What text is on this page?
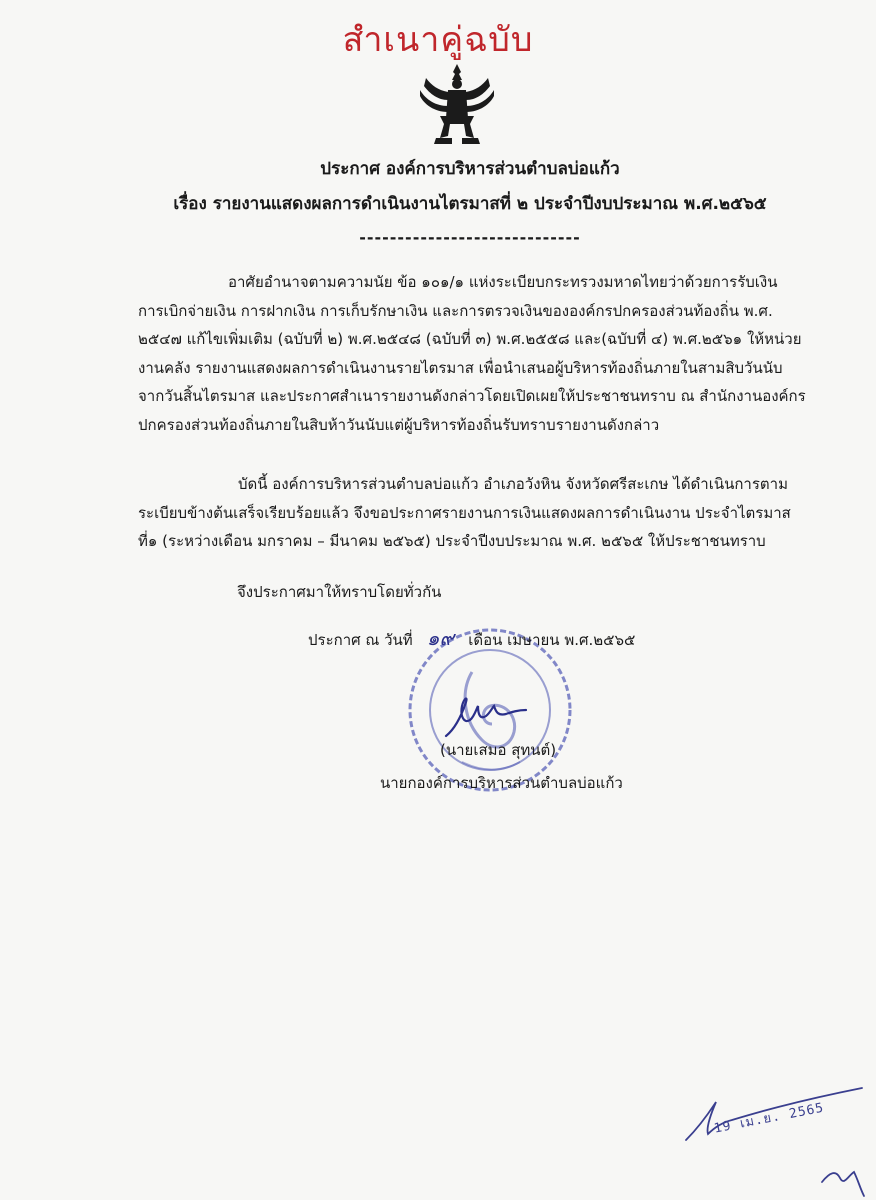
สำเนาคู่ฉบับ
ประกาศ องค์การบริหารส่วนตำบลบ่อแก้ว
เรื่อง รายงานแสดงผลการดำเนินงานไตรมาสที่ ๒ ประจำปีงบประมาณ พ.ศ.๒๕๖๕
-----------------------------
อาศัยอำนาจตามความนัย ข้อ ๑๐๑/๑ แห่งระเบียบกระทรวงมหาดไทยว่าด้วยการรับเงิน การเบิกจ่ายเงิน การฝากเงิน การเก็บรักษาเงิน และการตรวจเงินขององค์กรปกครองส่วนท้องถิ่น พ.ศ. ๒๕๔๗ แก้ไขเพิ่มเติม (ฉบับที่ ๒) พ.ศ.๒๕๔๘ (ฉบับที่ ๓) พ.ศ.๒๕๕๘ และ(ฉบับที่ ๔) พ.ศ.๒๕๖๑ ให้หน่วยงานคลัง รายงานแสดงผลการดำเนินงานรายไตรมาส เพื่อนำเสนอผู้บริหารท้องถิ่นภายในสามสิบวันนับจากวันสิ้นไตรมาส และประกาศสำเนารายงานดังกล่าวโดยเปิดเผยให้ประชาชนทราบ ณ สำนักงานองค์กรปกครองส่วนท้องถิ่นภายในสิบห้าวันนับแต่ผู้บริหารท้องถิ่นรับทราบรายงานดังกล่าว
บัดนี้ องค์การบริหารส่วนตำบลบ่อแก้ว อำเภอวังหิน จังหวัดศรีสะเกษ ได้ดำเนินการตามระเบียบข้างต้นเสร็จเรียบร้อยแล้ว จึงขอประกาศรายงานการเงินแสดงผลการดำเนินงาน ประจำไตรมาสที่๑ (ระหว่างเดือน มกราคม – มีนาคม ๒๕๖๕) ประจำปีงบประมาณ พ.ศ. ๒๕๖๕ ให้ประชาชนทราบ
จึงประกาศมาให้ทราบโดยทั่วกัน
ประกาศ ณ วันที่ ๑๙ เดือน เมษายน พ.ศ.๒๕๖๕
(นายเสมอ สุทนต์)
นายกองค์การบริหารส่วนตำบลบ่อแก้ว
19 เม.ย. 2565
